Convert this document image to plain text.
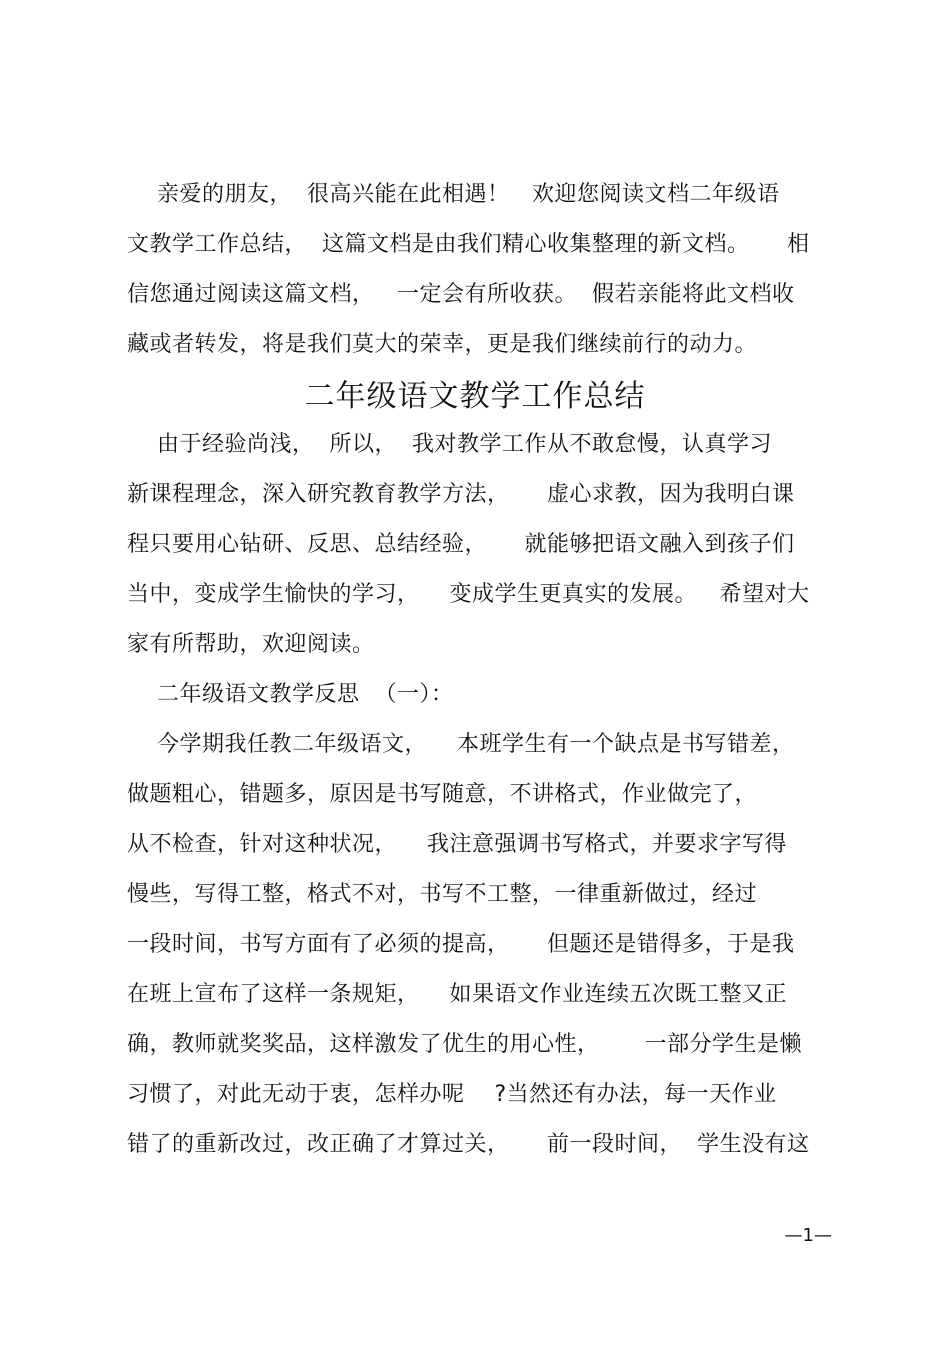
亲爱的朋友，  很高兴能在此相遇！   欢迎您阅读文档二年级语
文教学工作总结，  这篇文档是由我们精心收集整理的新文档。     相
信您通过阅读这篇文档，   一定会有所收获。  假若亲能将此文档收
藏或者转发，将是我们莫大的荣幸，更是我们继续前行的动力。
二年级语文教学工作总结
由于经验尚浅，  所以，  我对教学工作从不敢怠慢，认真学习
新课程理念，深入研究教育教学方法，     虚心求教，因为我明白课
程只要用心钻研、反思、总结经验，     就能够把语文融入到孩子们
当中，变成学生愉快的学习，    变成学生更真实的发展。   希望对大
家有所帮助，欢迎阅读。
二年级语文教学反思  （一）：
今学期我任教二年级语文，    本班学生有一个缺点是书写错差，
做题粗心，错题多，原因是书写随意，不讲格式，作业做完了，
从不检查，针对这种状况，    我注意强调书写格式，并要求字写得
慢些，写得工整，格式不对，书写不工整，一律重新做过，经过
一段时间，书写方面有了必须的提高，     但题还是错得多，于是我
在班上宣布了这样一条规矩，    如果语文作业连续五次既工整又正
确，教师就奖奖品，这样激发了优生的用心性，      一部分学生是懒
习惯了，对此无动于衷，怎样办呢    ?当然还有办法，每一天作业
错了的重新改过，改正确了才算过关，     前一段时间，  学生没有这
—1—
